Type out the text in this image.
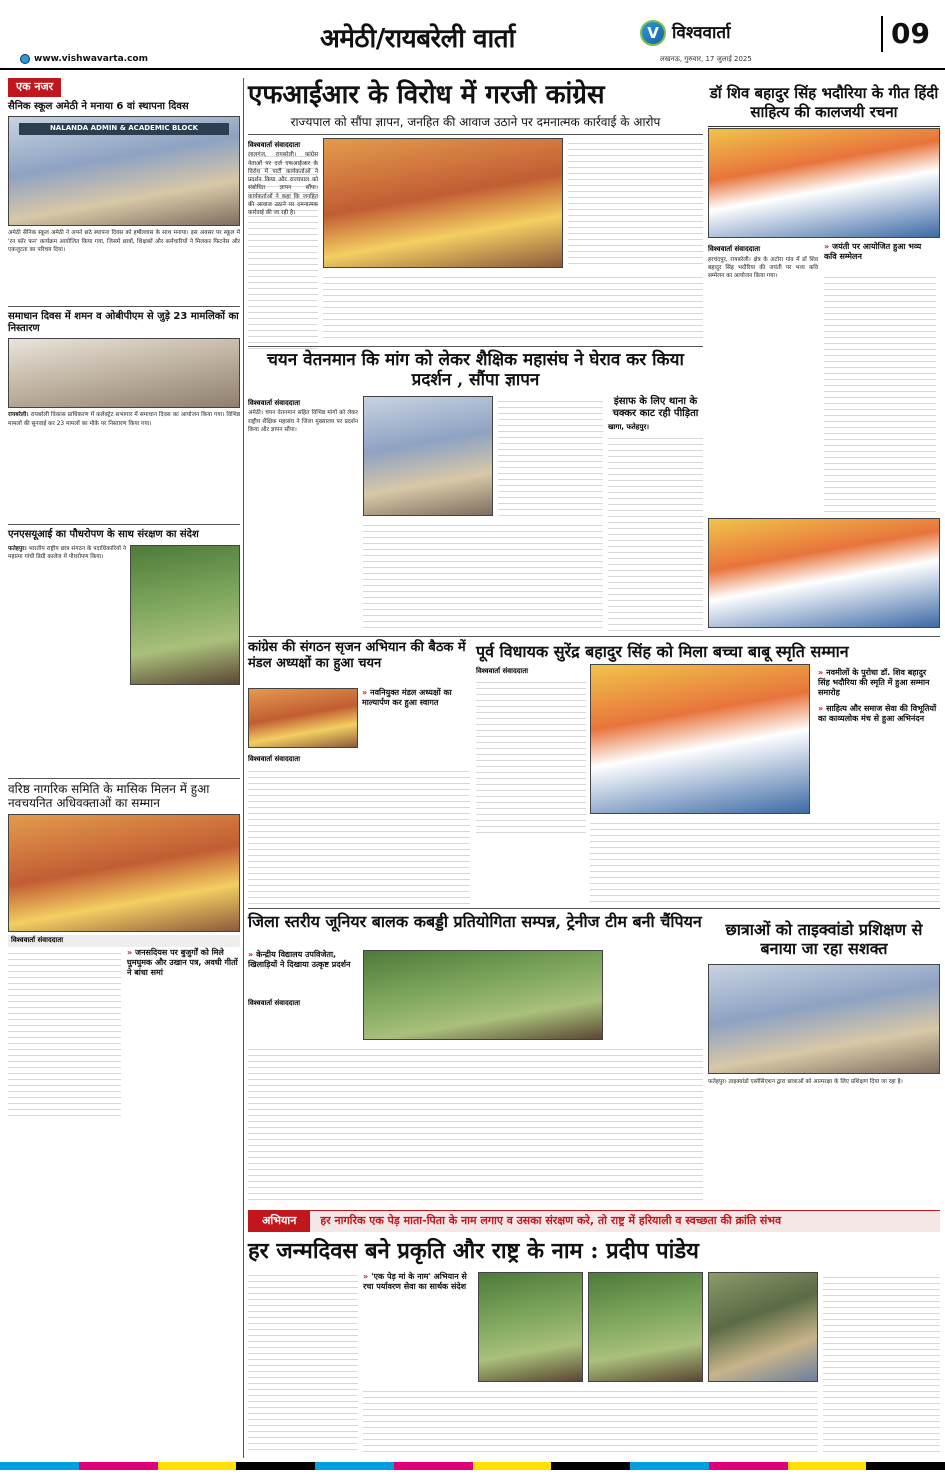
अमेठी/रायबरेली वार्ता
www.vishwavarta.com
V विश्ववार्ता
लखनऊ, गुरुवार, 17 जुलाई 2025
09
एक नजर
सैनिक स्कूल अमेठी ने मनाया 6 वां स्थापना दिवस
NALANDA ADMIN & ACADEMIC BLOCK

अमेठी सैनिक स्कूल अमेठी ने अपने छठे स्थापना दिवस को हर्षोल्लास के साथ मनाया। इस अवसर पर स्कूल में 'रन फॉर फन' कार्यक्रम आयोजित किया गया, जिसमें छात्रों, शिक्षकों और कर्मचारियों ने मिलकर फिटनेस और एकजुटता का परिचय दिया।

समाधान दिवस में शमन व ओबीपीएम से जुड़े 23 मामलिकों का निस्तारण

रायबरेली। रायबरेली विकास प्राधिकरण में कलेक्ट्रेट सभागार में समाधान दिवस का आयोजन किया गया। विभिन्न मामलों की सुनवाई कर 23 मामलों का मौके पर निस्तारण किया गया।

एनएसयूआई का पौधरोपण के साथ संरक्षण का संदेश

फतेहपुर। भारतीय राष्ट्रीय छात्र संगठन के पदाधिकारियों ने महात्मा गांधी डिग्री कालेज में पौधरोपण किया।

वरिष्ठ नागरिक समिति के मासिक मिलन में हुआ नवचयनित अधिवक्ताओं का सम्मान
विश्ववार्ता संवाददाता
» जनसदियस पर बुजुर्गों को मिले घुमघुमक और उखान पत्र, अवधी गीतों ने बांधा समां
एफआईआर के विरोध में गरजी कांग्रेस
राज्यपाल को सौंपा ज्ञापन, जनहित की आवाज उठाने पर दमनात्मक कार्रवाई के आरोप
विश्ववार्ता संवाददाता

लालगंज, रायबरेली। कांग्रेस नेताओं पर दर्ज एफआईआर के विरोध में पार्टी कार्यकर्ताओं ने प्रदर्शन किया और राज्यपाल को संबोधित ज्ञापन सौंपा। कार्यकर्ताओं ने कहा कि जनहित की आवाज उठाने पर दमनात्मक कार्रवाई की जा रही है।

डॉ शिव बहादुर सिंह भदौरिया के गीत हिंदी साहित्य की कालजयी रचना
विश्ववार्ता संवाददाता	» जयंती पर आयोजित हुआ भव्य कवि सम्मेलन

हरचंदपुर, रायबरेली। क्षेत्र के अटोरा गांव में डॉ शिव बहादुर सिंह भदौरिया की जयंती पर भव्य कवि सम्मेलन का आयोजन किया गया।

चयन वेतनमान कि मांग को लेकर शैक्षिक महासंघ ने घेराव कर किया प्रदर्शन , सौंपा ज्ञापन
विश्ववार्ता संवाददाता

अमेठी। चयन वेतनमान सहित विभिन्न मांगों को लेकर राष्ट्रीय शैक्षिक महासंघ ने जिला मुख्यालय पर प्रदर्शन किया और ज्ञापन सौंपा।

इंसाफ के लिए थाना के चक्कर काट रही पीड़िता
खागा, फतेहपुर।
कांग्रेस की संगठन सृजन अभियान की बैठक में मंडल अध्यक्षों का हुआ चयन
» नवनियुक्त मंडल अध्यक्षों का माल्यार्पण कर हुआ स्वागत
विश्ववार्ता संवाददाता
पूर्व विधायक सुरेंद्र बहादुर सिंह को मिला बच्चा बाबू स्मृति सम्मान
विश्ववार्ता संवाददाता	» नवमीलों के पुरोधा डॉ. शिव बहादुर सिंह भदौरिया की स्मृति में हुआ सम्मान समारोह
» साहित्य और समाज सेवा की विभूतियों का काव्यलोक मंच से हुआ अभिनंदन
जिला स्तरीय जूनियर बालक कबड्डी प्रतियोगिता सम्पन्न, ट्रेनीज टीम बनी चैंपियन
» केन्द्रीय विद्यालय उपविजेता, खिलाड़ियों ने दिखाया उत्कृष्ट प्रदर्शन
विश्ववार्ता संवाददाता
छात्राओं को ताइक्वांडो प्रशिक्षण से बनाया जा रहा सशक्त

फतेहपुर। ताइक्वांडो एसोसिएशन द्वारा छात्राओं को आत्मरक्षा के लिए प्रशिक्षण दिया जा रहा है।

अभियान	हर नागरिक एक पेड़ माता-पिता के नाम लगाए व उसका संरक्षण करे, तो राष्ट्र में हरियाली व स्वच्छता की क्रांति संभव
हर जन्मदिवस बने प्रकृति और राष्ट्र के नाम : प्रदीप पांडेय
» 'एक पेड़ मां के नाम' अभियान से रचा पर्यावरण सेवा का सार्थक संदेश
